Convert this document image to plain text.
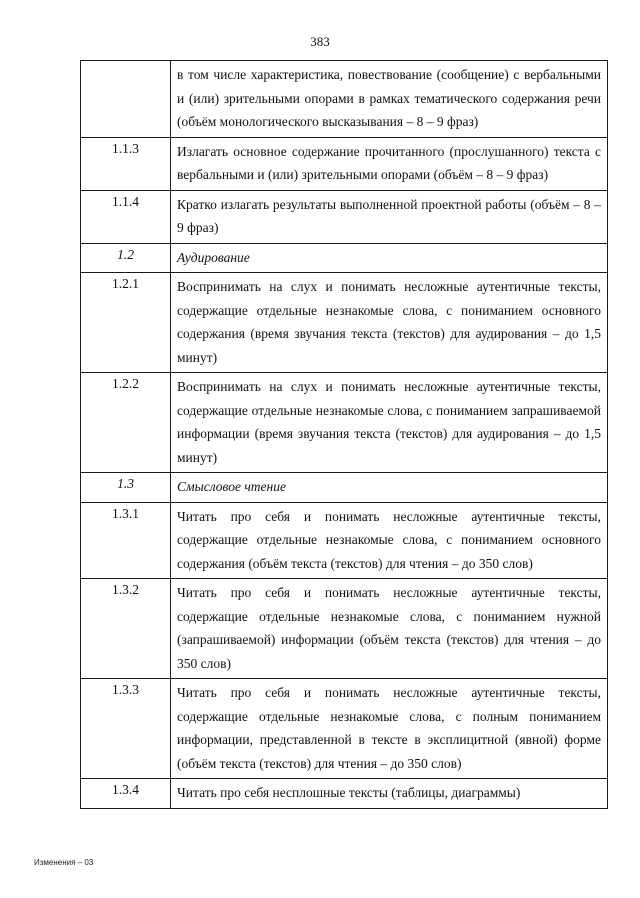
383
	в том числе характеристика, повествование (сообщение) с вербальными и (или) зрительными опорами в рамках тематического содержания речи (объём монологического высказывания – 8 – 9 фраз)
1.1.3	Излагать основное содержание прочитанного (прослушанного) текста с вербальными и (или) зрительными опорами (объём – 8 – 9 фраз)
1.1.4	Кратко излагать результаты выполненной проектной работы (объём – 8 – 9 фраз)
1.2	Аудирование
1.2.1	Воспринимать на слух и понимать несложные аутентичные тексты, содержащие отдельные незнакомые слова, с пониманием основного содержания (время звучания текста (текстов) для аудирования – до 1,5 минут)
1.2.2	Воспринимать на слух и понимать несложные аутентичные тексты, содержащие отдельные незнакомые слова, с пониманием запрашиваемой информации (время звучания текста (текстов) для аудирования – до 1,5 минут)
1.3	Смысловое чтение
1.3.1	Читать про себя и понимать несложные аутентичные тексты, содержащие отдельные незнакомые слова, с пониманием основного содержания (объём текста (текстов) для чтения – до 350 слов)
1.3.2	Читать про себя и понимать несложные аутентичные тексты, содержащие отдельные незнакомые слова, с пониманием нужной (запрашиваемой) информации (объём текста (текстов) для чтения – до 350 слов)
1.3.3	Читать про себя и понимать несложные аутентичные тексты, содержащие отдельные незнакомые слова, с полным пониманием информации, представленной в тексте в эксплицитной (явной) форме (объём текста (текстов) для чтения – до 350 слов)
1.3.4	Читать про себя несплошные тексты (таблицы, диаграммы)
Изменения – 03
